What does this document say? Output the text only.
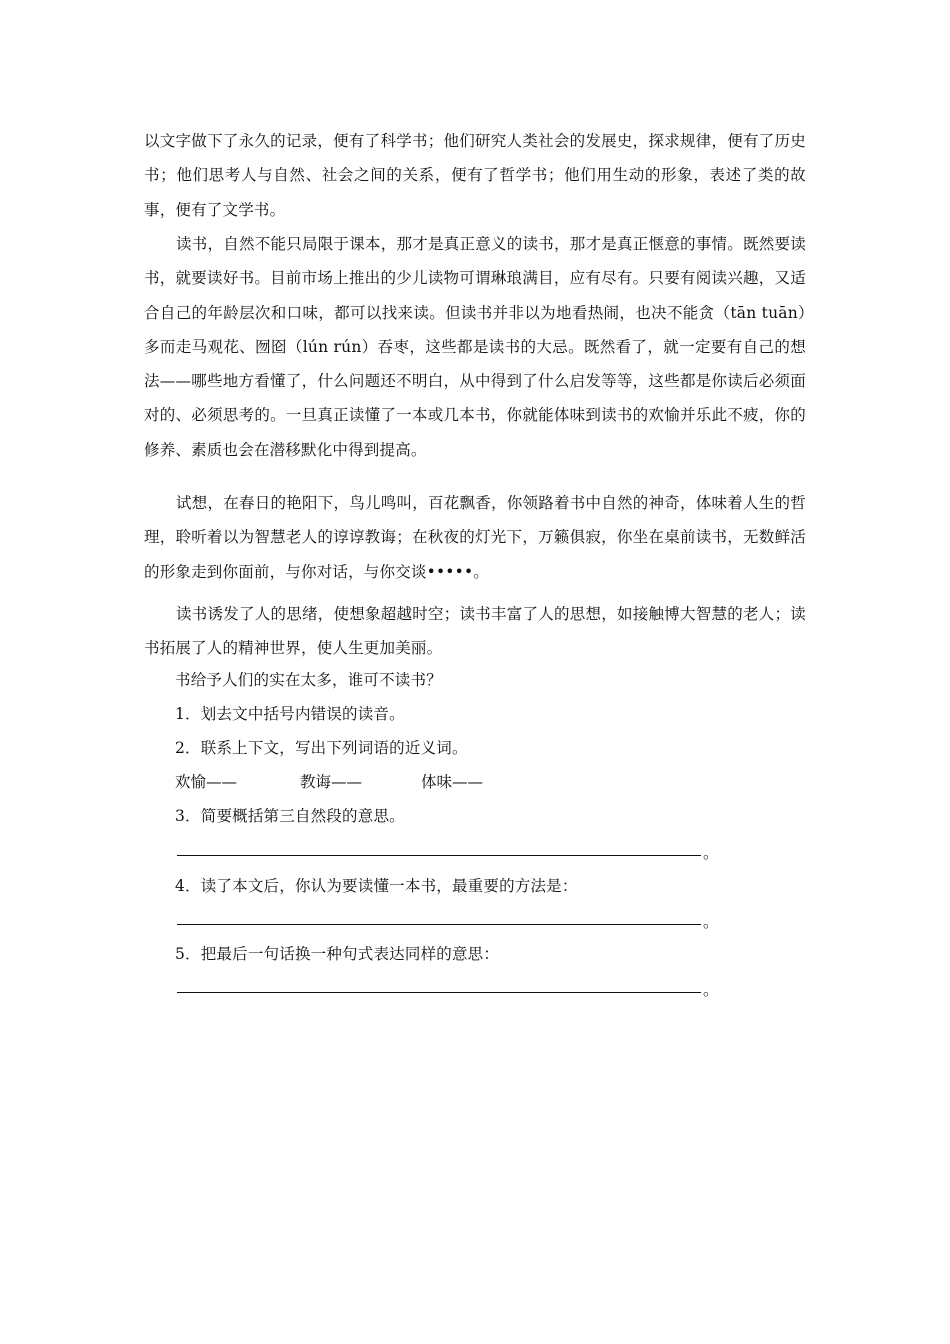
以文字做下了永久的记录，便有了科学书；他们研究人类社会的发展史，探求规律，便有了历史书；他们思考人与自然、社会之间的关系，便有了哲学书；他们用生动的形象，表述了类的故事，便有了文学书。

读书，自然不能只局限于课本，那才是真正意义的读书，那才是真正惬意的事情。既然要读书，就要读好书。目前市场上推出的少儿读物可谓琳琅满目，应有尽有。只要有阅读兴趣，又适合自己的年龄层次和口味，都可以找来读。但读书并非以为地看热闹，也决不能贪（tān tuān）多而走马观花、囫囵（lún rún）吞枣，这些都是读书的大忌。既然看了，就一定要有自己的想法——哪些地方看懂了，什么问题还不明白，从中得到了什么启发等等，这些都是你读后必须面对的、必须思考的。一旦真正读懂了一本或几本书，你就能体味到读书的欢愉并乐此不疲，你的修养、素质也会在潜移默化中得到提高。

试想，在春日的艳阳下，鸟儿鸣叫，百花飘香，你领路着书中自然的神奇，体味着人生的哲理，聆听着以为智慧老人的谆谆教诲；在秋夜的灯光下，万籁俱寂，你坐在桌前读书，无数鲜活的形象走到你面前，与你对话，与你交谈•••••。

读书诱发了人的思绪，使想象超越时空；读书丰富了人的思想，如接触博大智慧的老人；读书拓展了人的精神世界，使人生更加美丽。

书给予人们的实在太多，谁可不读书？

1．划去文中括号内错误的读音。

2．联系上下文，写出下列词语的近义词。

欢愉——	教诲——	体味——

3．简要概括第三自然段的意思。

。

4．读了本文后，你认为要读懂一本书，最重要的方法是：

。

5．把最后一句话换一种句式表达同样的意思：

。
